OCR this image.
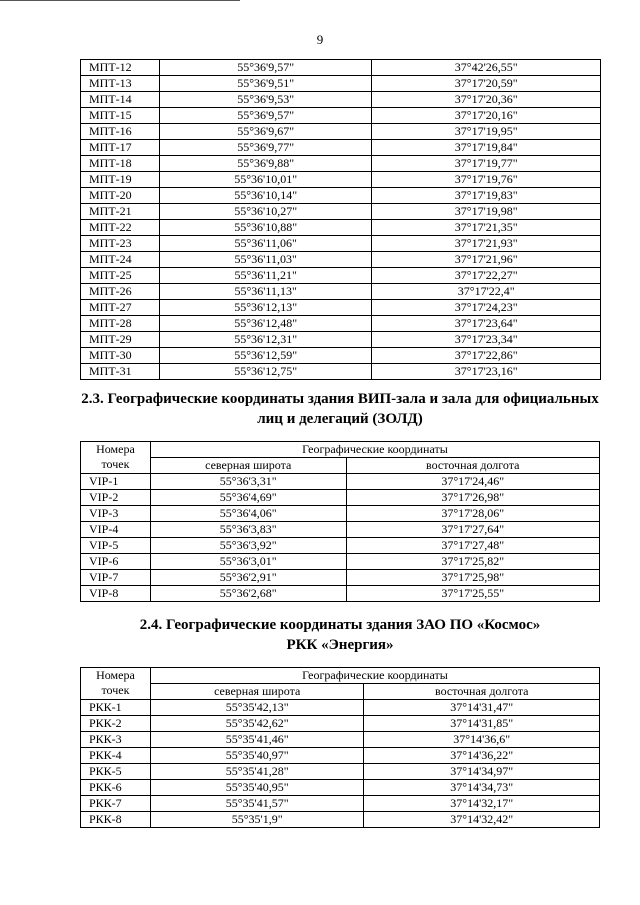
9
МПТ-12	55°36'9,57"	37°42'26,55"
МПТ-13	55°36'9,51"	37°17'20,59"
МПТ-14	55°36'9,53"	37°17'20,36"
МПТ-15	55°36'9,57"	37°17'20,16"
МПТ-16	55°36'9,67"	37°17'19,95"
МПТ-17	55°36'9,77"	37°17'19,84"
МПТ-18	55°36'9,88"	37°17'19,77"
МПТ-19	55°36'10,01"	37°17'19,76"
МПТ-20	55°36'10,14"	37°17'19,83"
МПТ-21	55°36'10,27"	37°17'19,98"
МПТ-22	55°36'10,88"	37°17'21,35"
МПТ-23	55°36'11,06"	37°17'21,93"
МПТ-24	55°36'11,03"	37°17'21,96"
МПТ-25	55°36'11,21"	37°17'22,27"
МПТ-26	55°36'11,13"	37°17'22,4"
МПТ-27	55°36'12,13"	37°17'24,23"
МПТ-28	55°36'12,48"	37°17'23,64"
МПТ-29	55°36'12,31"	37°17'23,34"
МПТ-30	55°36'12,59"	37°17'22,86"
МПТ-31	55°36'12,75"	37°17'23,16"
2.3. Географические координаты здания ВИП-зала и зала для официальных
лиц и делегаций (ЗОЛД)
Номера
точек	Географические координаты	
	северная широта	восточная долгота
VIP-1	55°36'3,31"	37°17'24,46"
VIP-2	55°36'4,69"	37°17'26,98"
VIP-3	55°36'4,06"	37°17'28,06"
VIP-4	55°36'3,83"	37°17'27,64"
VIP-5	55°36'3,92"	37°17'27,48"
VIP-6	55°36'3,01"	37°17'25,82"
VIP-7	55°36'2,91"	37°17'25,98"
VIP-8	55°36'2,68"	37°17'25,55"
2.4. Географические координаты здания ЗАО ПО «Космос»
РКК «Энергия»
Номера
точек	Географические координаты	
	северная широта	восточная долгота
РКК-1	55°35'42,13"	37°14'31,47"
РКК-2	55°35'42,62"	37°14'31,85"
РКК-3	55°35'41,46"	37°14'36,6"
РКК-4	55°35'40,97"	37°14'36,22"
РКК-5	55°35'41,28"	37°14'34,97"
РКК-6	55°35'40,95"	37°14'34,73"
РКК-7	55°35'41,57"	37°14'32,17"
РКК-8	55°35'1,9"	37°14'32,42"
